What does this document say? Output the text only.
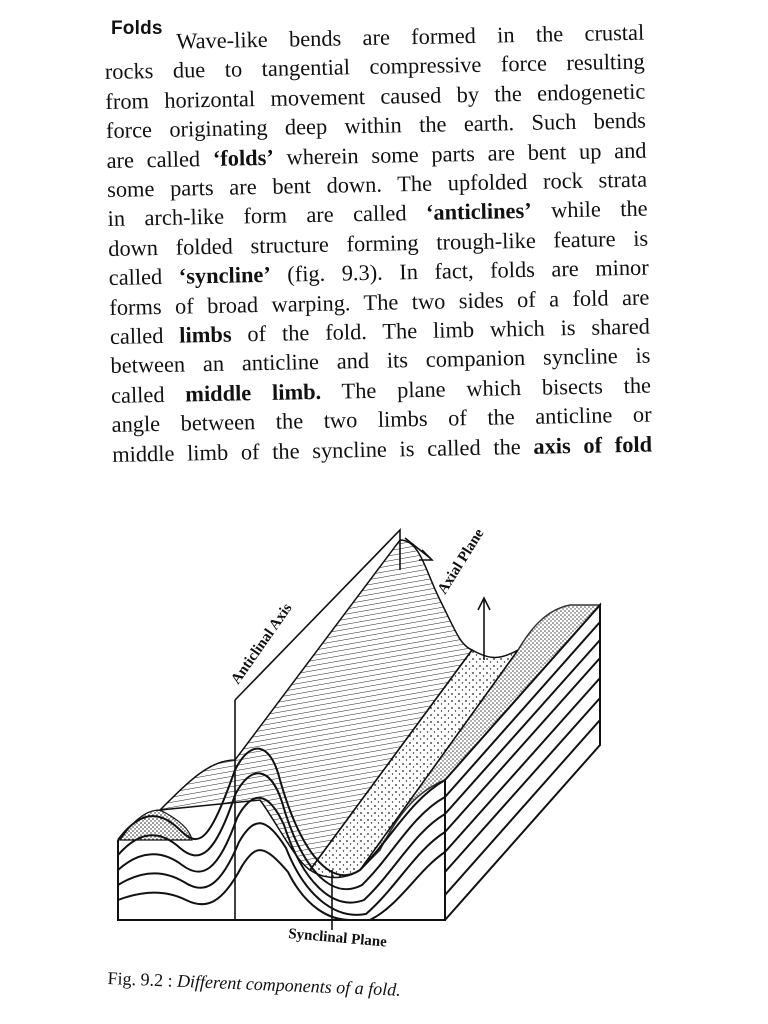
Folds Wave-like bends are formed in the crustal
rocks due to tangential compressive force resulting
from horizontal movement caused by the endogenetic
force originating deep within the earth. Such bends
are called ‘folds’ wherein some parts are bent up and
some parts are bent down. The upfolded rock strata
in arch-like form are called ‘anticlines’ while the
down folded structure forming trough-like feature is
called ‘syncline’ (fig. 9.3). In fact, folds are minor
forms of broad warping. The two sides of a fold are
called limbs of the fold. The limb which is shared
between an anticline and its companion syncline is
called middle limb. The plane which bisects the
angle between the two limbs of the anticline or
middle limb of the syncline is called the axis of fold
Anticlinal Axis
Axial Plane
Synclinal Plane
Fig. 9.2 : Different components of a fold.
